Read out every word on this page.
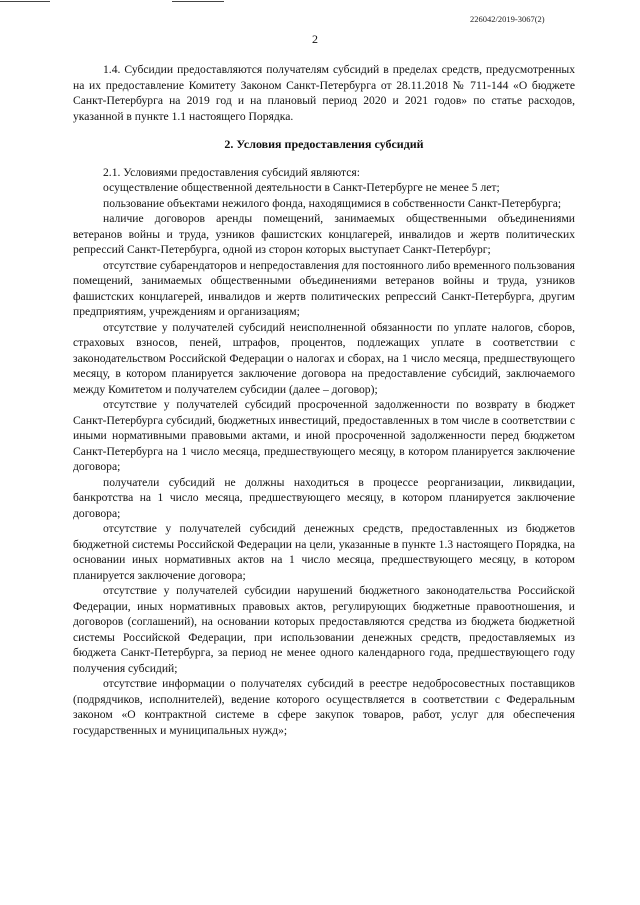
226042/2019-3067(2)
2

1.4. Субсидии предоставляются получателям субсидий в пределах средств, предусмотренных на их предоставление Комитету Законом Санкт-Петербурга от 28.11.2018 № 711-144 «О бюджете Санкт-Петербурга на 2019 год и на плановый период 2020 и 2021 годов» по статье расходов, указанной в пункте 1.1 настоящего Порядка.

2. Условия предоставления субсидий

2.1. Условиями предоставления субсидий являются:

осуществление общественной деятельности в Санкт-Петербурге не менее 5 лет;

пользование объектами нежилого фонда, находящимися в собственности Санкт-Петербурга;

наличие договоров аренды помещений, занимаемых общественными объединениями ветеранов войны и труда, узников фашистских концлагерей, инвалидов и жертв политических репрессий Санкт-Петербурга, одной из сторон которых выступает Санкт-Петербург;

отсутствие субарендаторов и непредоставления для постоянного либо временного пользования помещений, занимаемых общественными объединениями ветеранов войны и труда, узников фашистских концлагерей, инвалидов и жертв политических репрессий Санкт-Петербурга, другим предприятиям, учреждениям и организациям;

отсутствие у получателей субсидий неисполненной обязанности по уплате налогов, сборов, страховых взносов, пеней, штрафов, процентов, подлежащих уплате в соответствии с законодательством Российской Федерации о налогах и сборах, на 1 число месяца, предшествующего месяцу, в котором планируется заключение договора на предоставление субсидий, заключаемого между Комитетом и получателем субсидии (далее – договор);

отсутствие у получателей субсидий просроченной задолженности по возврату в бюджет Санкт-Петербурга субсидий, бюджетных инвестиций, предоставленных в том числе в соответствии с иными нормативными правовыми актами, и иной просроченной задолженности перед бюджетом Санкт-Петербурга на 1 число месяца, предшествующего месяцу, в котором планируется заключение договора;

получатели субсидий не должны находиться в процессе реорганизации, ликвидации, банкротства на 1 число месяца, предшествующего месяцу, в котором планируется заключение договора;

отсутствие у получателей субсидий денежных средств, предоставленных из бюджетов бюджетной системы Российской Федерации на цели, указанные в пункте 1.3 настоящего Порядка, на основании иных нормативных актов на 1 число месяца, предшествующего месяцу, в котором планируется заключение договора;

отсутствие у получателей субсидии нарушений бюджетного законодательства Российской Федерации, иных нормативных правовых актов, регулирующих бюджетные правоотношения, и договоров (соглашений), на основании которых предоставляются средства из бюджета бюджетной системы Российской Федерации, при использовании денежных средств, предоставляемых из бюджета Санкт-Петербурга, за период не менее одного календарного года, предшествующего году получения субсидий;

отсутствие информации о получателях субсидий в реестре недобросовестных поставщиков (подрядчиков, исполнителей), ведение которого осуществляется в соответствии с Федеральным законом «О контрактной системе в сфере закупок товаров, работ, услуг для обеспечения государственных и муниципальных нужд»;
